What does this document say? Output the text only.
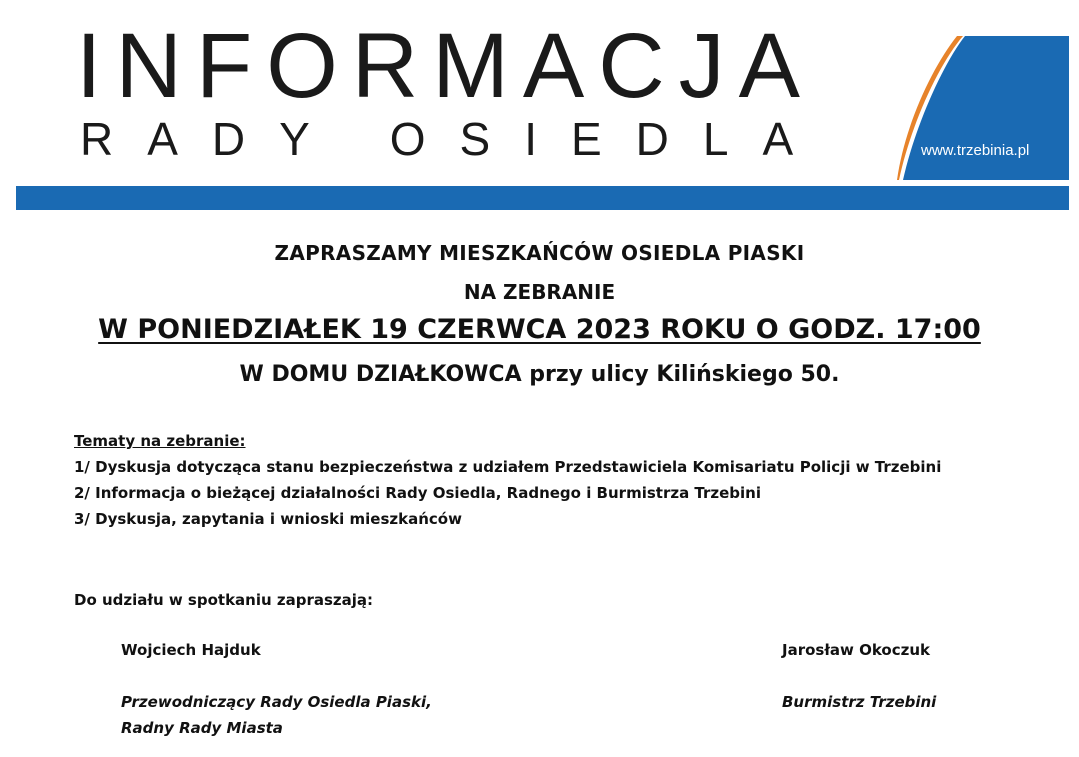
INFORMACJA
RADY OSIEDLA	www.trzebinia.pl
ZAPRASZAMY MIESZKAŃCÓW OSIEDLA PIASKI
NA ZEBRANIE
W PONIEDZIAŁEK 19 CZERWCA 2023 ROKU O GODZ. 17:00
W DOMU DZIAŁKOWCA przy ulicy Kilińskiego 50.
Tematy na zebranie:
1/ Dyskusja dotycząca stanu bezpieczeństwa z udziałem Przedstawiciela Komisariatu Policji w Trzebini
2/ Informacja o bieżącej działalności Rady Osiedla, Radnego i Burmistrza Trzebini
3/ Dyskusja, zapytania i wnioski mieszkańców
Do udziału w spotkaniu zapraszają:
Wojciech Hajduk
Przewodniczący Rady Osiedla Piaski,
Radny Rady Miasta
Jarosław Okoczuk
Burmistrz Trzebini
